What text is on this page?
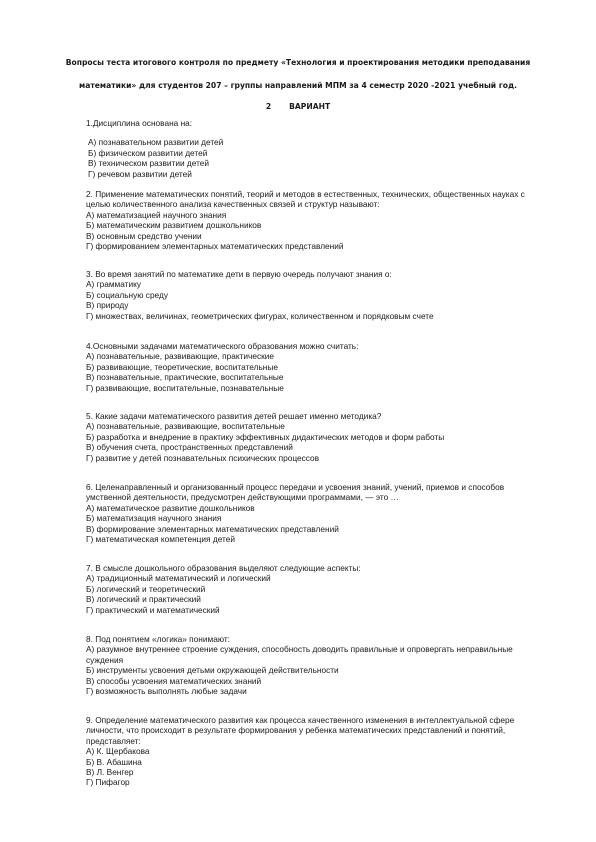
Вопросы теста итогового контроля по предмету «Технология и проектирования методики преподавания
математики» для студентов 207 – группы направлений МПМ за 4 семестр 2020 -2021 учебный год.
2 ВАРИАНТ

1.Дисциплина основана на:

А) познавательном развитии детей
Б) физическом развитии детей
В) техническом развитии детей
Г) речевом развитии детей

2. Применение математических понятий, теорий и методов в естественных, технических, общественных науках с целью количественного анализа качественных связей и структур называют:

А) математизацией научного знания
Б) математическим развитием дошкольников
В) основным средство учении
Г) формированием элементарных математических представлений

3. Во время занятий по математике дети в первую очередь получают знания о:

А) грамматику
Б) социальную среду
В) природу
Г) множествах, величинах, геометрических фигурах, количественном и порядковым счете

4.Основными задачами математического образования можно считать:

А) познавательные, развивающие, практические
Б) развивающие, теоретические, воспитательные
В) познавательные, практические, воспитательные
Г) развивающие, воспитательные, познавательные

5. Какие задачи математического развития детей решает именно методика?

А) познавательные, развивающие, воспитательные
Б) разработка и внедрение в практику эффективных дидактических методов и форм работы
В) обучения счета, пространственных представлений
Г) развитие у детей познавательных психических процессов

6. Целенаправленный и организованный процесс передачи и усвоения знаний, учений, приемов и способов умственной деятельности, предусмотрен действующими программами, — это …

А) математическое развитие дошкольников
Б) математизация научного знания
В) формирование элементарных математических представлений
Г) математическая компетенция детей

7. В смысле дошкольного образования выделяют следующие аспекты:

А) традиционный математический и логический
Б) логический и теоретический
В) логический и практический
Г) практический и математический

8. Под понятием «логика» понимают:

А) разумное внутреннее строение суждения, способность доводить правильные и опровергать неправильные суждения
Б) инструменты усвоения детьми окружающей действительности
В) способы усвоения математических знаний
Г) возможность выполнять любые задачи

9. Определение математического развития как процесса качественного изменения в интеллектуальной сфере личности, что происходит в результате формирования у ребенка математических представлений и понятий, представляет:

А) К. Щербакова
Б) В. Абашина
В) Л. Венгер
Г) Пифагор
